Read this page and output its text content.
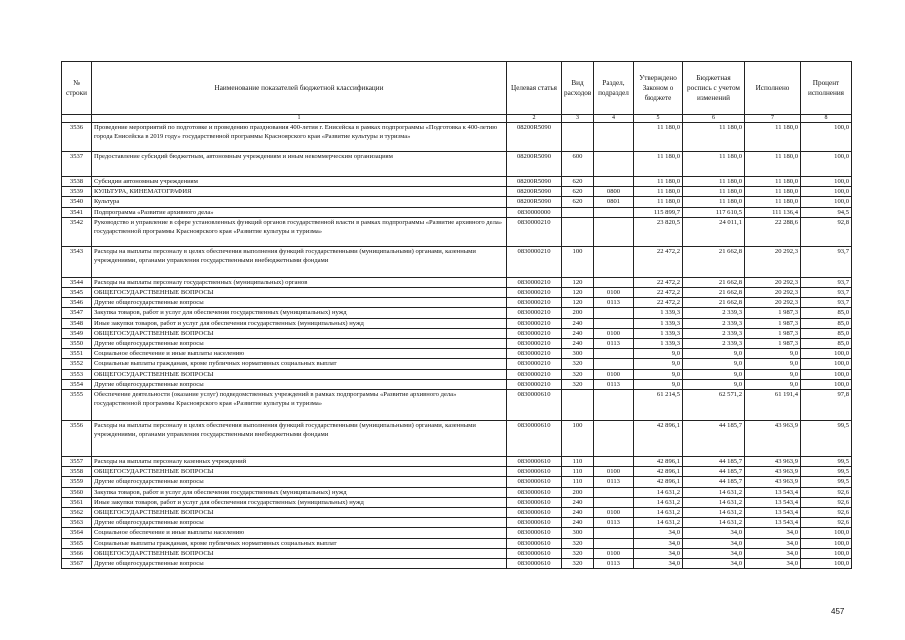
№ строки	Наименование показателей бюджетной классификации	Целевая статья	Вид расходов	Раздел, подраздел	Утверждено Законом о бюджете	Бюджетная роспись с учетом изменений	Исполнено	Процент исполнения
	1	2	3	4	5	6	7	8
3536	Проведение мероприятий по подготовке и проведению празднования 400-летия г. Енисейска в рамках подпрограммы «Подготовка к 400-летию города Енисейска в 2019 году» государственной программы Красноярского края «Развитие культуры и туризма»	08200R5090			11 180,0	11 180,0	11 180,0	100,0
3537	Предоставление субсидий бюджетным, автономным учреждениям и иным некоммерческим организациям	08200R5090	600		11 180,0	11 180,0	11 180,0	100,0
3538	Субсидии автономным учреждениям	08200R5090	620		11 180,0	11 180,0	11 180,0	100,0
3539	КУЛЬТУРА, КИНЕМАТОГРАФИЯ	08200R5090	620	0800	11 180,0	11 180,0	11 180,0	100,0
3540	Культура	08200R5090	620	0801	11 180,0	11 180,0	11 180,0	100,0
3541	Подпрограмма «Развитие архивного дела»	0830000000			115 899,7	117 610,5	111 136,4	94,5
3542	Руководство и управление в сфере установленных функций органов государственной власти в рамках подпрограммы «Развитие архивного дела» государственной программы Красноярского края «Развитие культуры и туризма»	0830000210			23 820,5	24 011,1	22 288,6	92,8
3543	Расходы на выплаты персоналу в целях обеспечения выполнения функций государственными (муниципальными) органами, казенными учреждениями, органами управления государственными внебюджетными фондами	0830000210	100		22 472,2	21 662,8	20 292,3	93,7
3544	Расходы на выплаты персоналу государственных (муниципальных) органов	0830000210	120		22 472,2	21 662,8	20 292,3	93,7
3545	ОБЩЕГОСУДАРСТВЕННЫЕ ВОПРОСЫ	0830000210	120	0100	22 472,2	21 662,8	20 292,3	93,7
3546	Другие общегосударственные вопросы	0830000210	120	0113	22 472,2	21 662,8	20 292,3	93,7
3547	Закупка товаров, работ и услуг для обеспечения государственных (муниципальных) нужд	0830000210	200		1 339,3	2 339,3	1 987,3	85,0
3548	Иные закупки товаров, работ и услуг для обеспечения государственных (муниципальных) нужд	0830000210	240		1 339,3	2 339,3	1 987,3	85,0
3549	ОБЩЕГОСУДАРСТВЕННЫЕ ВОПРОСЫ	0830000210	240	0100	1 339,3	2 339,3	1 987,3	85,0
3550	Другие общегосударственные вопросы	0830000210	240	0113	1 339,3	2 339,3	1 987,3	85,0
3551	Социальное обеспечение и иные выплаты населению	0830000210	300		9,0	9,0	9,0	100,0
3552	Социальные выплаты гражданам, кроме публичных нормативных социальных выплат	0830000210	320		9,0	9,0	9,0	100,0
3553	ОБЩЕГОСУДАРСТВЕННЫЕ ВОПРОСЫ	0830000210	320	0100	9,0	9,0	9,0	100,0
3554	Другие общегосударственные вопросы	0830000210	320	0113	9,0	9,0	9,0	100,0
3555	Обеспечение деятельности (оказание услуг) подведомственных учреждений в рамках подпрограммы «Развитие архивного дела» государственной программы Красноярского края «Развитие культуры и туризма»	0830000610			61 214,5	62 571,2	61 191,4	97,8
3556	Расходы на выплаты персоналу в целях обеспечения выполнения функций государственными (муниципальными) органами, казенными учреждениями, органами управления государственными внебюджетными фондами	0830000610	100		42 896,1	44 185,7	43 963,9	99,5
3557	Расходы на выплаты персоналу казенных учреждений	0830000610	110		42 896,1	44 185,7	43 963,9	99,5
3558	ОБЩЕГОСУДАРСТВЕННЫЕ ВОПРОСЫ	0830000610	110	0100	42 896,1	44 185,7	43 963,9	99,5
3559	Другие общегосударственные вопросы	0830000610	110	0113	42 896,1	44 185,7	43 963,9	99,5
3560	Закупка товаров, работ и услуг для обеспечения государственных (муниципальных) нужд	0830000610	200		14 631,2	14 631,2	13 543,4	92,6
3561	Иные закупки товаров, работ и услуг для обеспечения государственных (муниципальных) нужд	0830000610	240		14 631,2	14 631,2	13 543,4	92,6
3562	ОБЩЕГОСУДАРСТВЕННЫЕ ВОПРОСЫ	0830000610	240	0100	14 631,2	14 631,2	13 543,4	92,6
3563	Другие общегосударственные вопросы	0830000610	240	0113	14 631,2	14 631,2	13 543,4	92,6
3564	Социальное обеспечение и иные выплаты населению	0830000610	300		34,0	34,0	34,0	100,0
3565	Социальные выплаты гражданам, кроме публичных нормативных социальных выплат	0830000610	320		34,0	34,0	34,0	100,0
3566	ОБЩЕГОСУДАРСТВЕННЫЕ ВОПРОСЫ	0830000610	320	0100	34,0	34,0	34,0	100,0
3567	Другие общегосударственные вопросы	0830000610	320	0113	34,0	34,0	34,0	100,0
457
